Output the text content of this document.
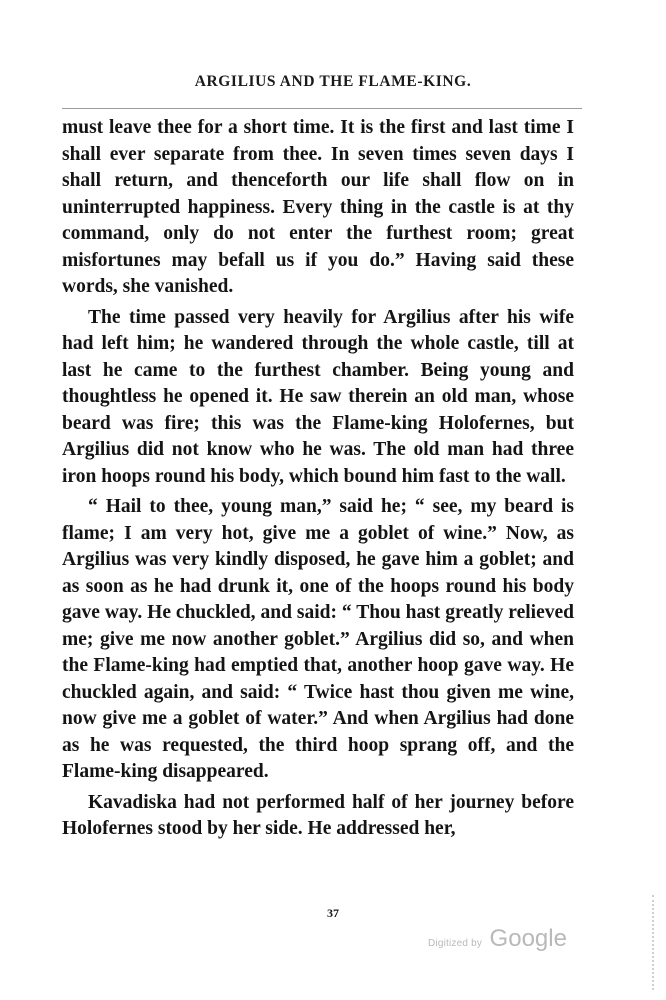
ARGILIUS AND THE FLAME-KING.

must leave thee for a short time. It is the first and last time I shall ever separate from thee. In seven times seven days I shall return, and thenceforth our life shall flow on in uninterrupted happiness. Every thing in the castle is at thy command, only do not enter the furthest room; great misfortunes may befall us if you do.” Having said these words, she vanished.

The time passed very heavily for Argilius after his wife had left him; he wandered through the whole castle, till at last he came to the furthest chamber. Being young and thoughtless he opened it. He saw therein an old man, whose beard was fire; this was the Flame-king Holofernes, but Argilius did not know who he was. The old man had three iron hoops round his body, which bound him fast to the wall.

“ Hail to thee, young man,” said he; “ see, my beard is flame; I am very hot, give me a goblet of wine.” Now, as Argilius was very kindly disposed, he gave him a goblet; and as soon as he had drunk it, one of the hoops round his body gave way. He chuckled, and said: “ Thou hast greatly relieved me; give me now another goblet.” Argilius did so, and when the Flame-king had emptied that, another hoop gave way. He chuckled again, and said: “ Twice hast thou given me wine, now give me a goblet of water.” And when Argilius had done as he was requested, the third hoop sprang off, and the Flame-king disappeared.

Kavadiska had not performed half of her journey before Holofernes stood by her side. He addressed her,

37
Digitized by Google
